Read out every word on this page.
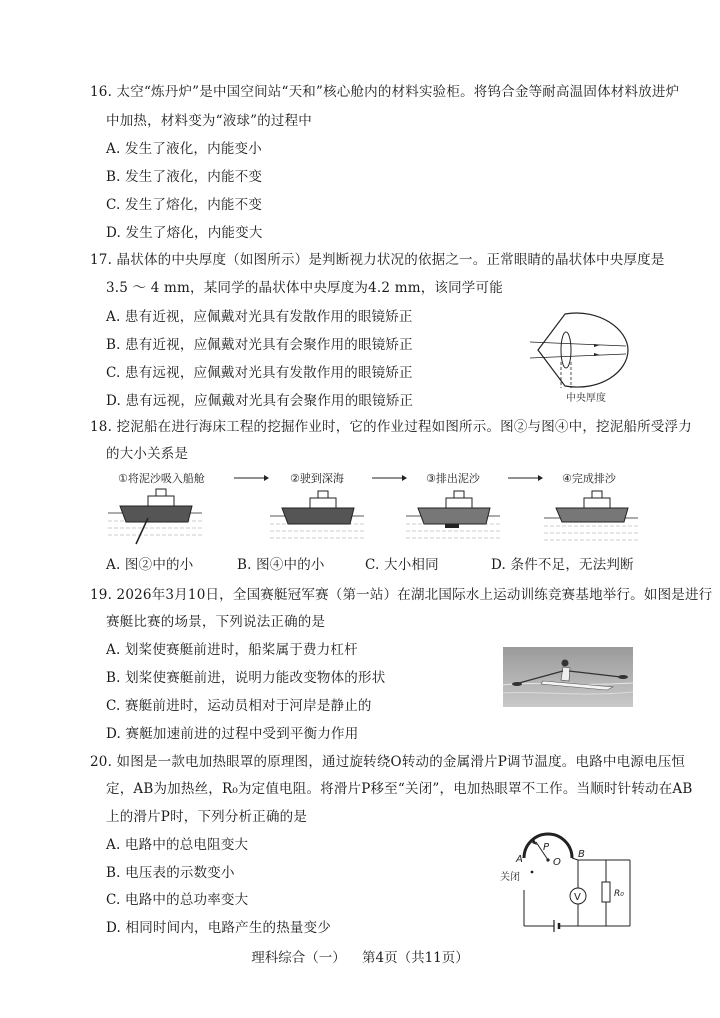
16. 太空“炼丹炉”是中国空间站“天和”核心舱内的材料实验柜。将钨合金等耐高温固体材料放进炉
中加热，材料变为“液球”的过程中
A. 发生了液化，内能变小
B. 发生了液化，内能不变
C. 发生了熔化，内能不变
D. 发生了熔化，内能变大
17. 晶状体的中央厚度（如图所示）是判断视力状况的依据之一。正常眼睛的晶状体中央厚度是
3.5 ～ 4 mm，某同学的晶状体中央厚度为4.2 mm，该同学可能
A. 患有近视，应佩戴对光具有发散作用的眼镜矫正
B. 患有近视，应佩戴对光具有会聚作用的眼镜矫正
C. 患有远视，应佩戴对光具有发散作用的眼镜矫正
D. 患有远视，应佩戴对光具有会聚作用的眼镜矫正	中央厚度
18. 挖泥船在进行海床工程的挖掘作业时，它的作业过程如图所示。图②与图④中，挖泥船所受浮力
的大小关系是
①将泥沙吸入船舱	②驶到深海	③排出泥沙	④完成排沙
A. 图②中的小	B. 图④中的小	C. 大小相同	D. 条件不足，无法判断
19. 2026年3月10日，全国赛艇冠军赛（第一站）在湖北国际水上运动训练竞赛基地举行。如图是进行
赛艇比赛的场景，下列说法正确的是
A. 划桨使赛艇前进时，船桨属于费力杠杆
B. 划桨使赛艇前进，说明力能改变物体的形状
C. 赛艇前进时，运动员相对于河岸是静止的
D. 赛艇加速前进的过程中受到平衡力作用
20. 如图是一款电加热眼罩的原理图，通过旋转绕O转动的金属滑片P调节温度。电路中电源电压恒
定，AB为加热丝，R₀为定值电阻。将滑片P移至“关闭”，电加热眼罩不工作。当顺时针转动在AB
上的滑片P时，下列分析正确的是
A. 电路中的总电阻变大
B. 电压表的示数变小
C. 电路中的总功率变大
D. 相同时间内，电路产生的热量变少
V	R₀
A
P
O
B
关闭
理科综合（一） 第4页（共11页）
